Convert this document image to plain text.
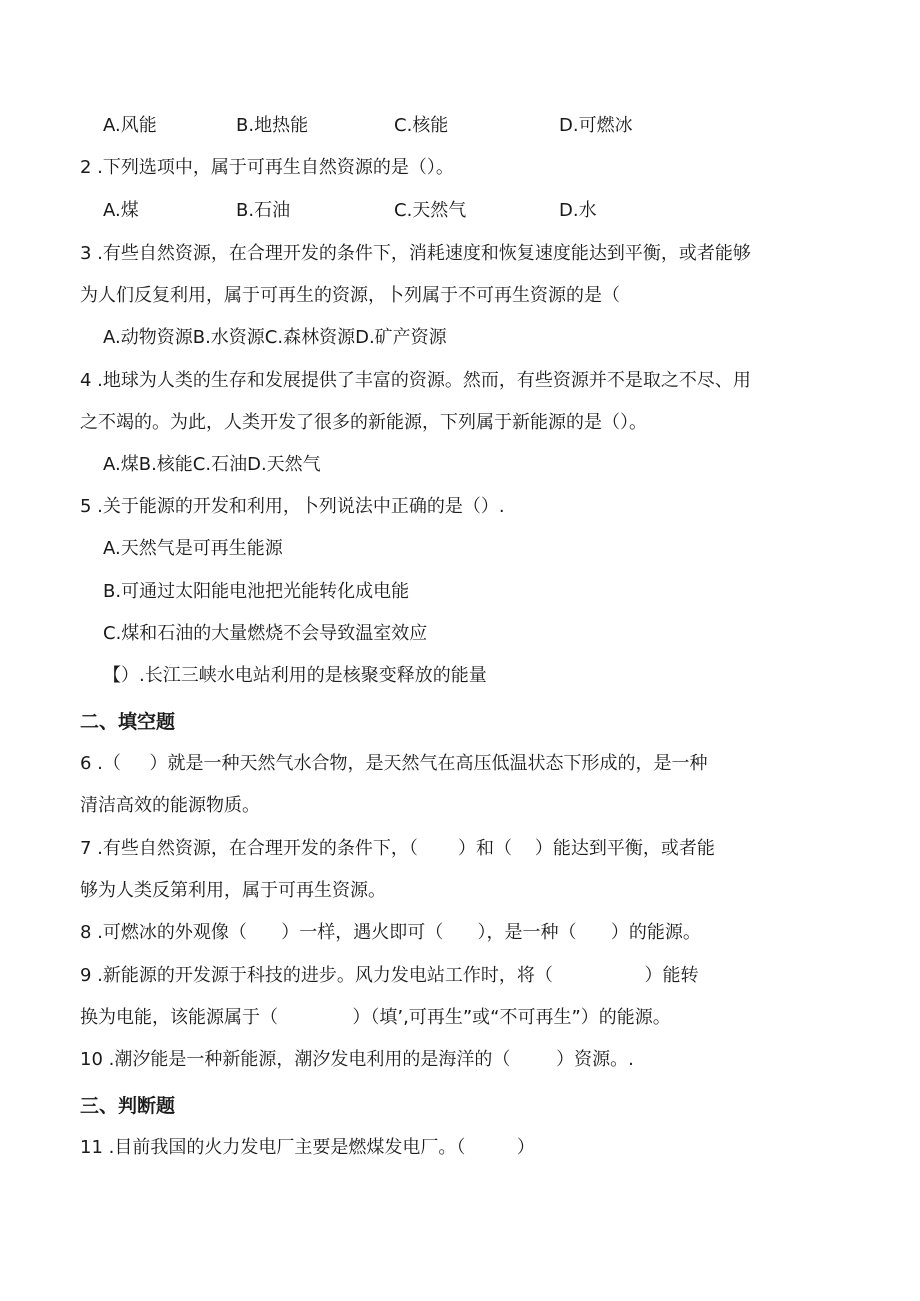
A.风能	B.地热能	C.核能	D.可燃冰
2 .下列选项中，属于可再生自然资源的是（）。
A.煤	B.石油	C.天然气	D.水
3 .有些自然资源，在合理开发的条件下，消耗速度和恢复速度能达到平衡，或者能够
为人们反复利用，属于可再生的资源，卜列属于不可再生资源的是（
A.动物资源B.水资源C.森林资源D.矿产资源
4 .地球为人类的生存和发展提供了丰富的资源。然而，有些资源并不是取之不尽、用
之不竭的。为此，人类开发了很多的新能源，下列属于新能源的是（）。
A.煤B.核能C.石油D.天然气
5 .关于能源的开发和利用，卜列说法中正确的是（）.
A.天然气是可再生能源
B.可通过太阳能电池把光能转化成电能
C.煤和石油的大量燃烧不会导致温室效应
【）.长江三峡水电站利用的是核聚变释放的能量
二、填空题
6 .（     ）就是一种天然气水合物，是天然气在高压低温状态下形成的，是一种
清洁高效的能源物质。
7 .有些自然资源，在合理开发的条件下，（       ）和（    ）能达到平衡，或者能
够为人类反第利用，属于可再生资源。
8 .可燃冰的外观像（      ）一样，遇火即可（      ），是一种（      ）的能源。
9 .新能源的开发源于科技的进步。风力发电站工作时，将（                ）能转
换为电能，该能源属于（             ）（填’,可再生”或“不可再生”）的能源。
10 .潮汐能是一种新能源，潮汐发电利用的是海洋的（        ）资源。.
三、判断题
11 .目前我国的火力发电厂主要是燃煤发电厂。（         ）
